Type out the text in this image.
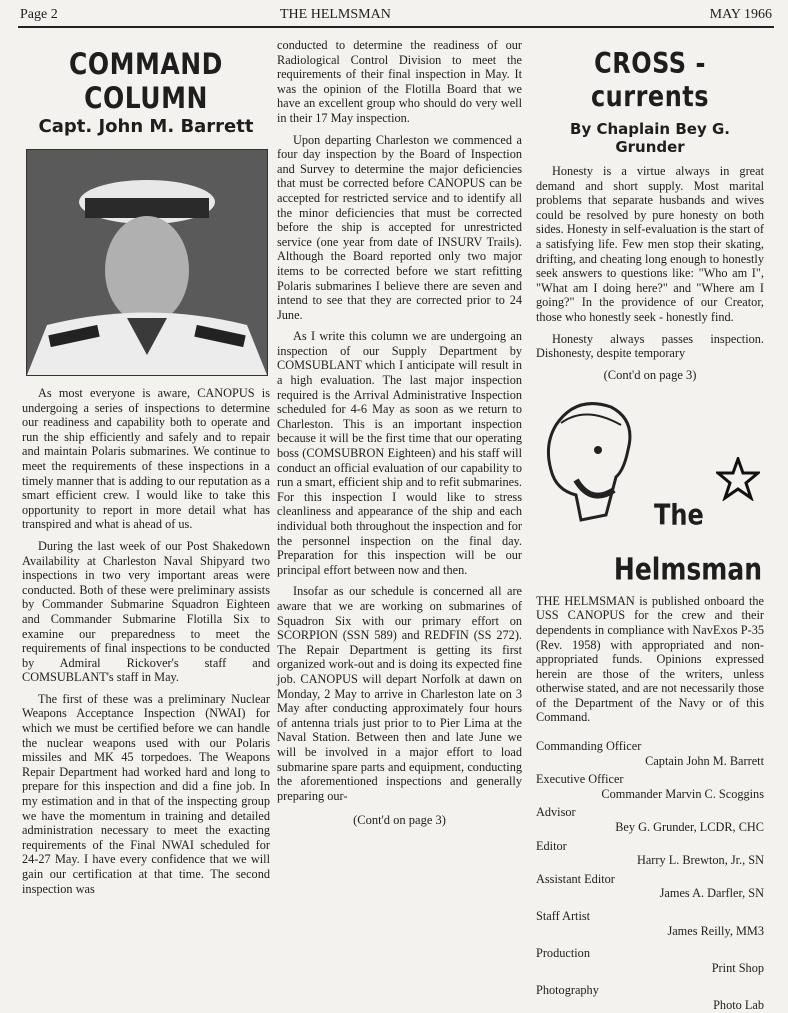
Page 2	THE HELMSMAN	MAY 1966
COMMAND COLUMN
Capt. John M. Barrett

As most everyone is aware, CANOPUS is undergoing a series of inspections to determine our readiness and capability both to operate and run the ship efficiently and safely and to repair and maintain Polaris submarines. We continue to meet the requirements of these inspections in a timely manner that is adding to our reputation as a smart efficient crew. I would like to take this opportunity to report in more detail what has transpired and what is ahead of us.

During the last week of our Post Shakedown Availability at Charleston Naval Shipyard two inspections in two very important areas were conducted. Both of these were preliminary assists by Commander Submarine Squadron Eighteen and Commander Submarine Flotilla Six to examine our preparedness to meet the requirements of final inspections to be conducted by Admiral Rickover's staff and COMSUBLANT's staff in May.

The first of these was a preliminary Nuclear Weapons Acceptance Inspection (NWAI) for which we must be certified before we can handle the nuclear weapons used with our Polaris missiles and MK 45 torpedoes. The Weapons Repair Department had worked hard and long to prepare for this inspection and did a fine job. In my estimation and in that of the inspecting group we have the momentum in training and detailed administration necessary to meet the exacting requirements of the Final NWAI scheduled for 24-27 May. I have every confidence that we will gain our certification at that time. The second inspection was

conducted to determine the readiness of our Radiological Control Division to meet the requirements of their final inspection in May. It was the opinion of the Flotilla Board that we have an excellent group who should do very well in their 17 May inspection.

Upon departing Charleston we commenced a four day inspection by the Board of Inspection and Survey to determine the major deficiencies that must be corrected before CANOPUS can be accepted for restricted service and to identify all the minor deficiencies that must be corrected before the ship is accepted for unrestricted service (one year from date of INSURV Trails). Although the Board reported only two major items to be corrected before we start refitting Polaris submarines I believe there are seven and intend to see that they are corrected prior to 24 June.

As I write this column we are undergoing an inspection of our Supply Department by COMSUBLANT which I anticipate will result in a high evaluation. The last major inspection required is the Arrival Administrative Inspection scheduled for 4-6 May as soon as we return to Charleston. This is an important inspection because it will be the first time that our operating boss (COMSUBRON Eighteen) and his staff will conduct an official evaluation of our capability to run a smart, efficient ship and to refit submarines. For this inspection I would like to stress cleanliness and appearance of the ship and each individual both throughout the inspection and for the personnel inspection on the final day. Preparation for this inspection will be our principal effort between now and then.

Insofar as our schedule is concerned all are aware that we are working on submarines of Squadron Six with our primary effort on SCORPION (SSN 589) and REDFIN (SS 272). The Repair Department is getting its first organized work-out and is doing its expected fine job. CANOPUS will depart Norfolk at dawn on Monday, 2 May to arrive in Charleston late on 3 May after conducting approximately four hours of antenna trials just prior to to Pier Lima at the Naval Station. Between then and late June we will be involved in a major effort to load submarine spare parts and equipment, conducting the aforementioned inspections and generally preparing our-

(Cont'd on page 3)
CROSS - currents
By Chaplain Bey G. Grunder

Honesty is a virtue always in great demand and short supply. Most marital problems that separate husbands and wives could be resolved by pure honesty on both sides. Honesty in self-evaluation is the start of a satisfying life. Few men stop their skating, drifting, and cheating long enough to honestly seek answers to questions like: "Who am I", "What am I doing here?" and "Where am I going?" In the providence of our Creator, those who honestly seek - honestly find.

Honesty always passes inspection. Dishonesty, despite temporary

(Cont'd on page 3)
The
Helmsman
THE HELMSMAN is published onboard the USS CANOPUS for the crew and their dependents in compliance with NavExos P-35 (Rev. 1958) with appropriated and non-appropriated funds. Opinions expressed herein are those of the writers, unless otherwise stated, and are not necessarily those of the Department of the Navy or of this Command.
Commanding Officer
Captain John M. Barrett
Executive Officer
Commander Marvin C. Scoggins
Advisor
Bey G. Grunder, LCDR, CHC
Editor
Harry L. Brewton, Jr., SN
Assistant Editor
James A. Darfler, SN
Staff Artist
James Reilly, MM3
Production
Print Shop
Photography
Photo Lab
